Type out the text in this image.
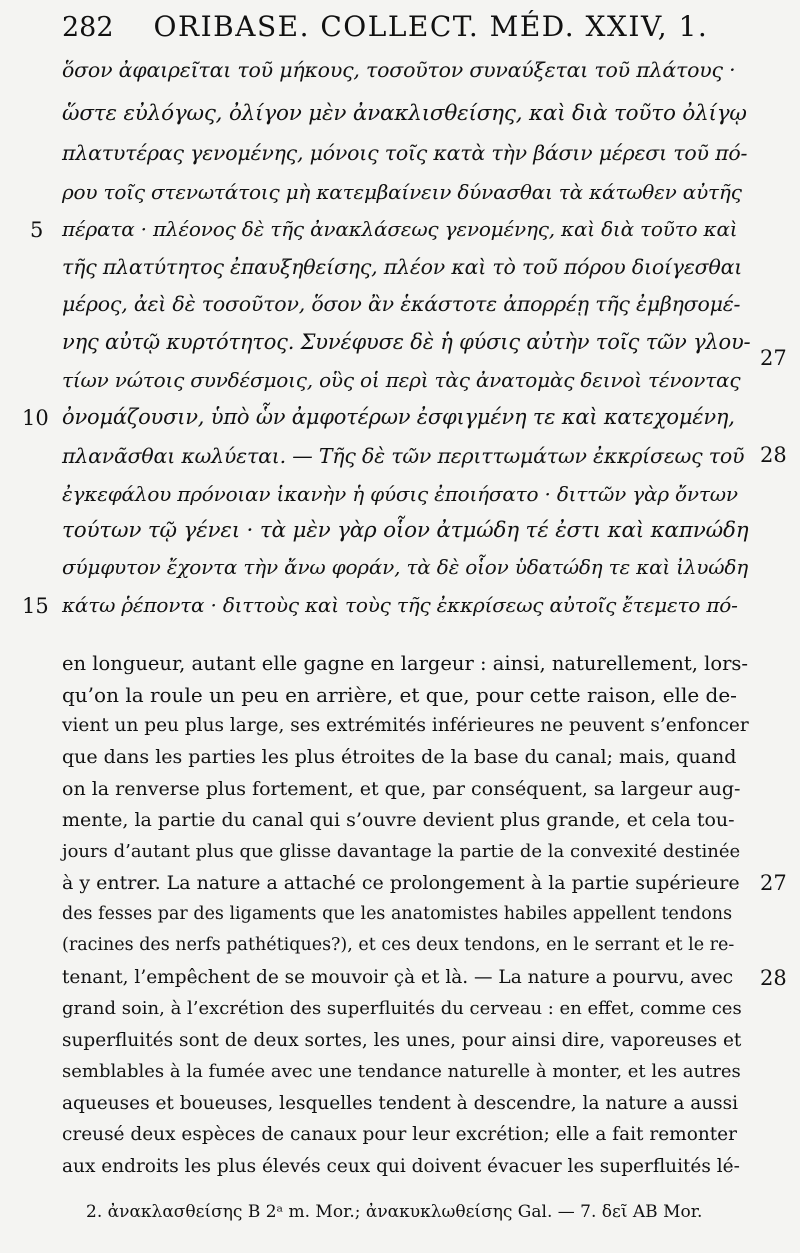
282 ORIBASE. COLLECT. MÉD. XXIV, 1.
ὅσον ἀφαιρεῖται τοῦ μήκους, τοσοῦτον συναύξεται τοῦ πλάτους ·
ὥστε εὐλόγως, ὀλίγον μὲν ἀνακλισθείσης, καὶ διὰ τοῦτο ὀλίγῳ
πλατυτέρας γενομένης, μόνοις τοῖς κατὰ τὴν βάσιν μέρεσι τοῦ πό-
ρου τοῖς στενωτάτοις μὴ κατεμβαίνειν δύνασθαι τὰ κάτωθεν αὐτῆς
πέρατα · πλέονος δὲ τῆς ἀνακλάσεως γενομένης, καὶ διὰ τοῦτο καὶ
τῆς πλατύτητος ἐπαυξηθείσης, πλέον καὶ τὸ τοῦ πόρου διοίγεσθαι
μέρος, ἀεὶ δὲ τοσοῦτον, ὅσον ἂν ἑκάστοτε ἀπορρέῃ τῆς ἐμβησομέ-
νης αὐτῷ κυρτότητος. Συνέφυσε δὲ ἡ φύσις αὐτὴν τοῖς τῶν γλου-
τίων νώτοις συνδέσμοις, οὓς οἱ περὶ τὰς ἀνατομὰς δεινοὶ τένοντας
ὀνομάζουσιν, ὑπὸ ὧν ἀμφοτέρων ἐσφιγμένη τε καὶ κατεχομένη,
πλανᾶσθαι κωλύεται. — Τῆς δὲ τῶν περιττωμάτων ἐκκρίσεως τοῦ
ἐγκεφάλου πρόνοιαν ἱκανὴν ἡ φύσις ἐποιήσατο · διττῶν γὰρ ὄντων
τούτων τῷ γένει · τὰ μὲν γὰρ οἷον ἀτμώδη τέ ἐστι καὶ καπνώδη
σύμφυτον ἔχοντα τὴν ἄνω φοράν, τὰ δὲ οἷον ὑδατώδη τε καὶ ἰλυώδη
κάτω ῥέποντα · διττοὺς καὶ τοὺς τῆς ἐκκρίσεως αὐτοῖς ἔτεμετο πό-
5
10
15
27
28
en longueur, autant elle gagne en largeur : ainsi, naturellement, lors-
qu’on la roule un peu en arrière, et que, pour cette raison, elle de-
vient un peu plus large, ses extrémités inférieures ne peuvent s’enfoncer
que dans les parties les plus étroites de la base du canal; mais, quand
on la renverse plus fortement, et que, par conséquent, sa largeur aug-
mente, la partie du canal qui s’ouvre devient plus grande, et cela tou-
jours d’autant plus que glisse davantage la partie de la convexité destinée
à y entrer. La nature a attaché ce prolongement à la partie supérieure
des fesses par des ligaments que les anatomistes habiles appellent tendons
(racines des nerfs pathétiques?), et ces deux tendons, en le serrant et le re-
tenant, l’empêchent de se mouvoir çà et là. — La nature a pourvu, avec
grand soin, à l’excrétion des superfluités du cerveau : en effet, comme ces
superfluités sont de deux sortes, les unes, pour ainsi dire, vaporeuses et
semblables à la fumée avec une tendance naturelle à monter, et les autres
aqueuses et boueuses, lesquelles tendent à descendre, la nature a aussi
creusé deux espèces de canaux pour leur excrétion; elle a fait remonter
aux endroits les plus élevés ceux qui doivent évacuer les superfluités lé-
27
28
2. ἀνακλασθείσης B 2ᵃ m. Mor.; ἀνακυκλωθείσης Gal. — 7. δεῖ AB Mor.
